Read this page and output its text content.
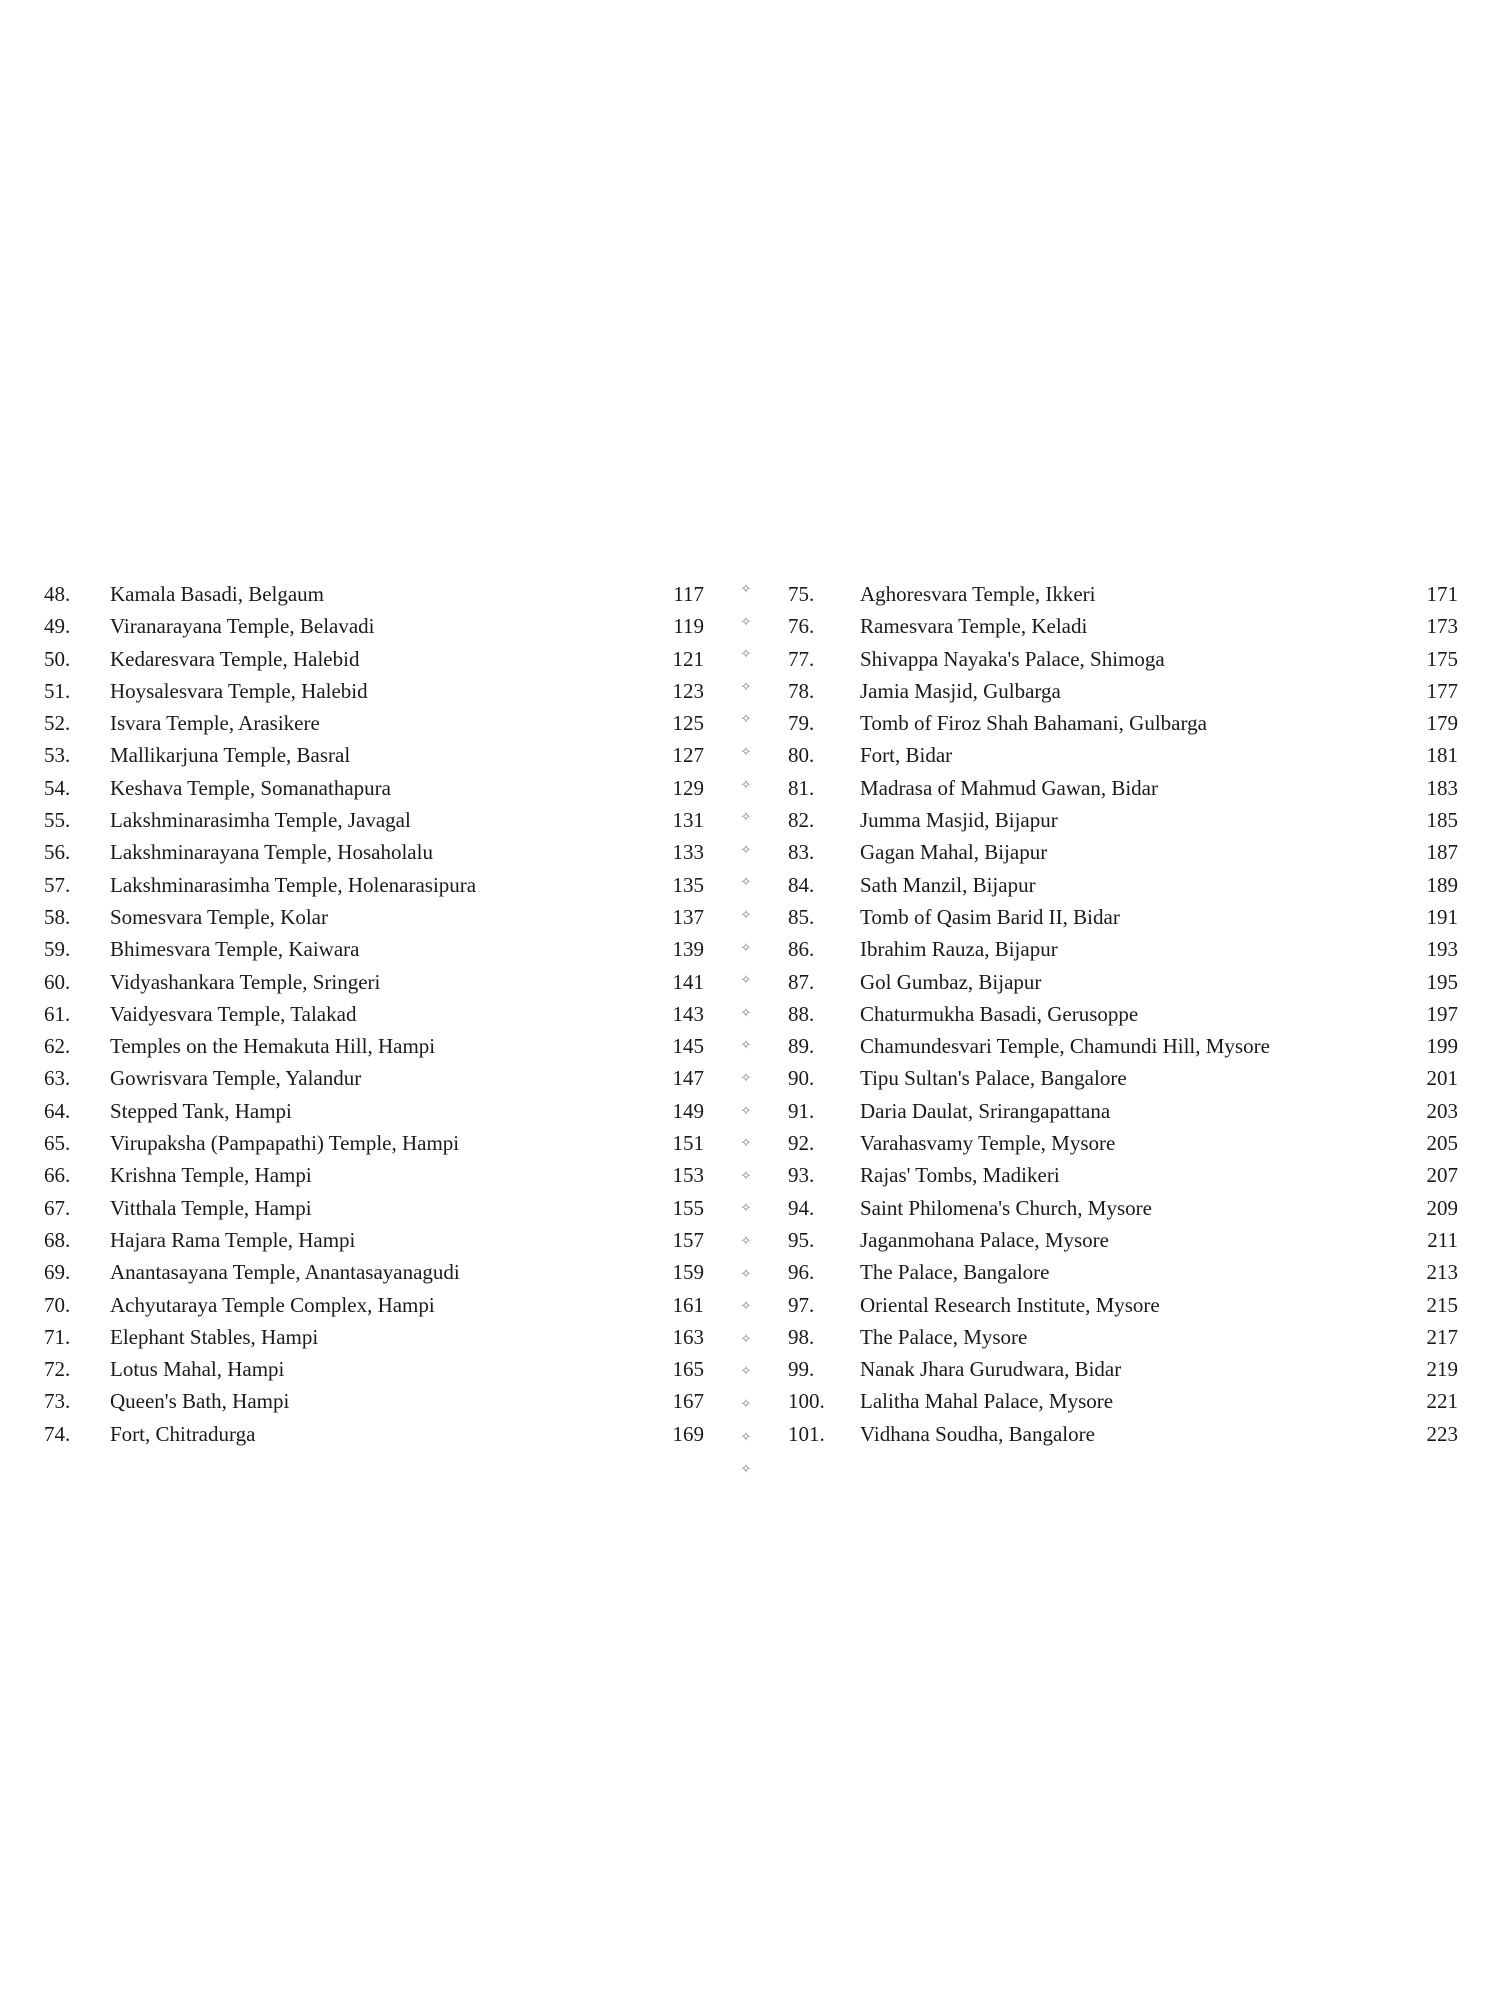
48. Kamala Basadi, Belgaum	117
49. Viranarayana Temple, Belavadi	119
50. Kedaresvara Temple, Halebid	121
51. Hoysalesvara Temple, Halebid	123
52. Isvara Temple, Arasikere	125
53. Mallikarjuna Temple, Basral	127
54. Keshava Temple, Somanathapura	129
55. Lakshminarasimha Temple, Javagal	131
56. Lakshminarayana Temple, Hosaholalu	133
57. Lakshminarasimha Temple, Holenarasipura	135
58. Somesvara Temple, Kolar	137
59. Bhimesvara Temple, Kaiwara	139
60. Vidyashankara Temple, Sringeri	141
61. Vaidyesvara Temple, Talakad	143
62. Temples on the Hemakuta Hill, Hampi	145
63. Gowrisvara Temple, Yalandur	147
64. Stepped Tank, Hampi	149
65. Virupaksha (Pampapathi) Temple, Hampi	151
66. Krishna Temple, Hampi	153
67. Vitthala Temple, Hampi	155
68. Hajara Rama Temple, Hampi	157
69. Anantasayana Temple, Anantasayanagudi	159
70. Achyutaraya Temple Complex, Hampi	161
71. Elephant Stables, Hampi	163
72. Lotus Mahal, Hampi	165
73. Queen's Bath, Hampi	167
74. Fort, Chitradurga	169
✧
✧
✧
✧
✧
✧
✧
✧
✧
✧
✧
✧
✧
✧
✧
✧
✧
✧
✧
✧
✧
✧
✧
✧
✧
✧
✧
✧
75. Aghoresvara Temple, Ikkeri	171
76. Ramesvara Temple, Keladi	173
77. Shivappa Nayaka's Palace, Shimoga	175
78. Jamia Masjid, Gulbarga	177
79. Tomb of Firoz Shah Bahamani, Gulbarga	179
80. Fort, Bidar	181
81. Madrasa of Mahmud Gawan, Bidar	183
82. Jumma Masjid, Bijapur	185
83. Gagan Mahal, Bijapur	187
84. Sath Manzil, Bijapur	189
85. Tomb of Qasim Barid II, Bidar	191
86. Ibrahim Rauza, Bijapur	193
87. Gol Gumbaz, Bijapur	195
88. Chaturmukha Basadi, Gerusoppe	197
89. Chamundesvari Temple, Chamundi Hill, Mysore	199
90. Tipu Sultan's Palace, Bangalore	201
91. Daria Daulat, Srirangapattana	203
92. Varahasvamy Temple, Mysore	205
93. Rajas' Tombs, Madikeri	207
94. Saint Philomena's Church, Mysore	209
95. Jaganmohana Palace, Mysore	211
96. The Palace, Bangalore	213
97. Oriental Research Institute, Mysore	215
98. The Palace, Mysore	217
99. Nanak Jhara Gurudwara, Bidar	219
100. Lalitha Mahal Palace, Mysore	221
101. Vidhana Soudha, Bangalore	223
